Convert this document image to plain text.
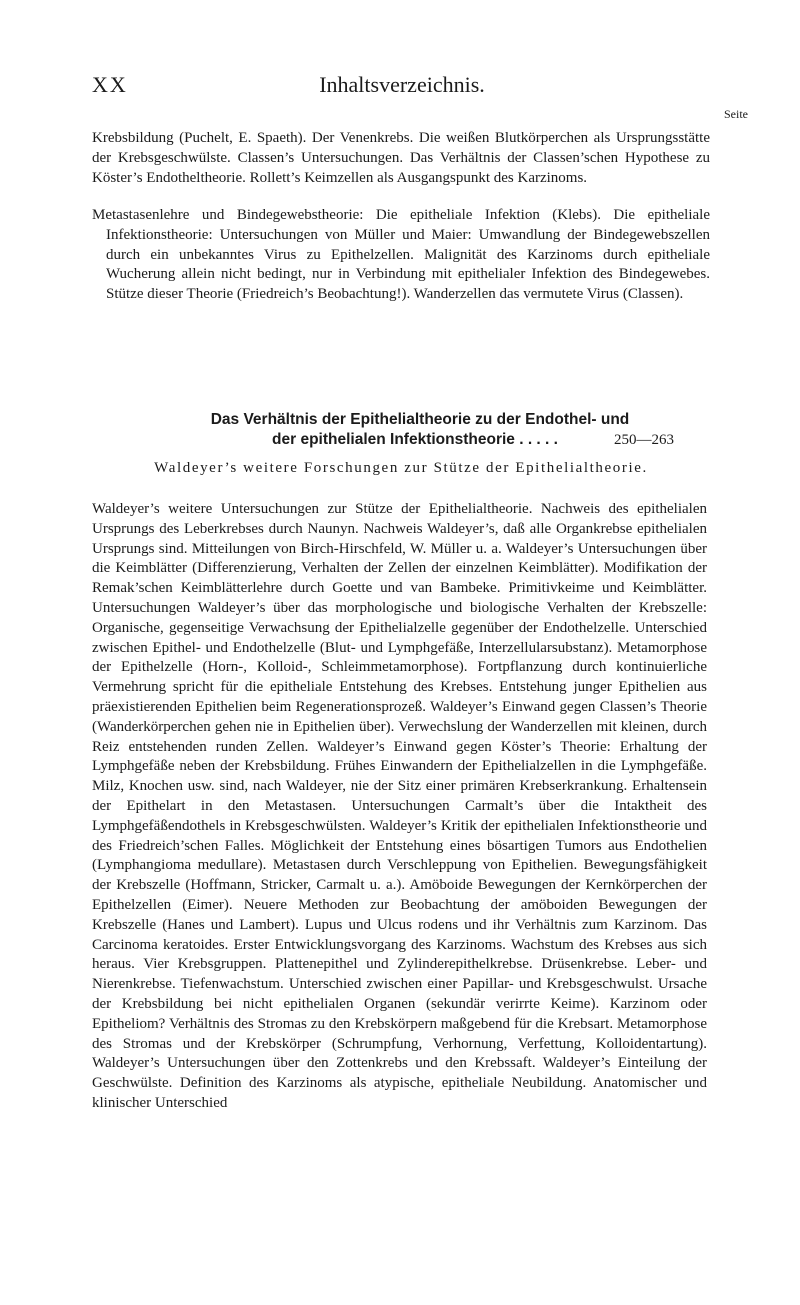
XX	Inhaltsverzeichnis.
Seite

Krebsbildung (Puchelt, E. Spaeth). Der Venenkrebs. Die weißen Blutkörperchen als Ursprungsstätte der Krebsgeschwülste. Classen’s Untersuchungen. Das Verhältnis der Classen’schen Hypothese zu Köster’s Endotheltheorie. Rollett’s Keimzellen als Ausgangspunkt des Karzinoms.

Metastasenlehre und Bindegewebstheorie: Die epitheliale Infektion (Klebs). Die epitheliale Infektionstheorie: Untersuchungen von Müller und Maier: Umwandlung der Bindegewebszellen durch ein unbekanntes Virus zu Epithelzellen. Malignität des Karzinoms durch epitheliale Wucherung allein nicht bedingt, nur in Verbindung mit epithelialer Infektion des Bindegewebes. Stütze dieser Theorie (Friedreich’s Beobachtung!). Wanderzellen das vermutete Virus (Classen).

Das Verhältnis der Epithelialtheorie zu der Endothel- und
der epithelialen Infektionstheorie . . . . .	250—263
Waldeyer’s weitere Forschungen zur Stütze der Epithelialtheorie.

Waldeyer’s weitere Untersuchungen zur Stütze der Epithelialtheorie. Nachweis des epithelialen Ursprungs des Leberkrebses durch Naunyn. Nachweis Waldeyer’s, daß alle Organkrebse epithelialen Ursprungs sind. Mitteilungen von Birch-Hirschfeld, W. Müller u. a. Waldeyer’s Untersuchungen über die Keimblätter (Differenzierung, Verhalten der Zellen der einzelnen Keimblätter). Modifikation der Remak’schen Keimblätterlehre durch Goette und van Bambeke. Primitivkeime und Keimblätter. Untersuchungen Waldeyer’s über das morphologische und biologische Verhalten der Krebszelle: Organische, gegenseitige Verwachsung der Epithelialzelle gegenüber der Endothelzelle. Unterschied zwischen Epithel- und Endothelzelle (Blut- und Lymphgefäße, Interzellularsubstanz). Metamorphose der Epithelzelle (Horn-, Kolloid-, Schleimmetamorphose). Fortpflanzung durch kontinuierliche Vermehrung spricht für die epitheliale Entstehung des Krebses. Entstehung junger Epithelien aus präexistierenden Epithelien beim Regenerationsprozeß. Waldeyer’s Einwand gegen Classen’s Theorie (Wanderkörperchen gehen nie in Epithelien über). Verwechslung der Wanderzellen mit kleinen, durch Reiz entstehenden runden Zellen. Waldeyer’s Einwand gegen Köster’s Theorie: Erhaltung der Lymphgefäße neben der Krebsbildung. Frühes Einwandern der Epithelialzellen in die Lymphgefäße. Milz, Knochen usw. sind, nach Waldeyer, nie der Sitz einer primären Krebserkrankung. Erhaltensein der Epithelart in den Metastasen. Untersuchungen Carmalt’s über die Intaktheit des Lymphgefäßendothels in Krebsgeschwülsten. Waldeyer’s Kritik der epithelialen Infektionstheorie und des Friedreich’schen Falles. Möglichkeit der Entstehung eines bösartigen Tumors aus Endothelien (Lymphangioma medullare). Metastasen durch Verschleppung von Epithelien. Bewegungsfähigkeit der Krebszelle (Hoffmann, Stricker, Carmalt u. a.). Amöboide Bewegungen der Kernkörperchen der Epithelzellen (Eimer). Neuere Methoden zur Beobachtung der amöboiden Bewegungen der Krebszelle (Hanes und Lambert). Lupus und Ulcus rodens und ihr Verhältnis zum Karzinom. Das Carcinoma keratoides. Erster Entwicklungsvorgang des Karzinoms. Wachstum des Krebses aus sich heraus. Vier Krebsgruppen. Plattenepithel und Zylinderepithelkrebse. Drüsenkrebse. Leber- und Nierenkrebse. Tiefenwachstum. Unterschied zwischen einer Papillar- und Krebsgeschwulst. Ursache der Krebsbildung bei nicht epithelialen Organen (sekundär verirrte Keime). Karzinom oder Epitheliom? Verhältnis des Stromas zu den Krebskörpern maßgebend für die Krebsart. Metamorphose des Stromas und der Krebskörper (Schrumpfung, Verhornung, Verfettung, Kolloidentartung). Waldeyer’s Untersuchungen über den Zottenkrebs und den Krebssaft. Waldeyer’s Einteilung der Geschwülste. Definition des Karzinoms als atypische, epitheliale Neubildung. Anatomischer und klinischer Unterschied
